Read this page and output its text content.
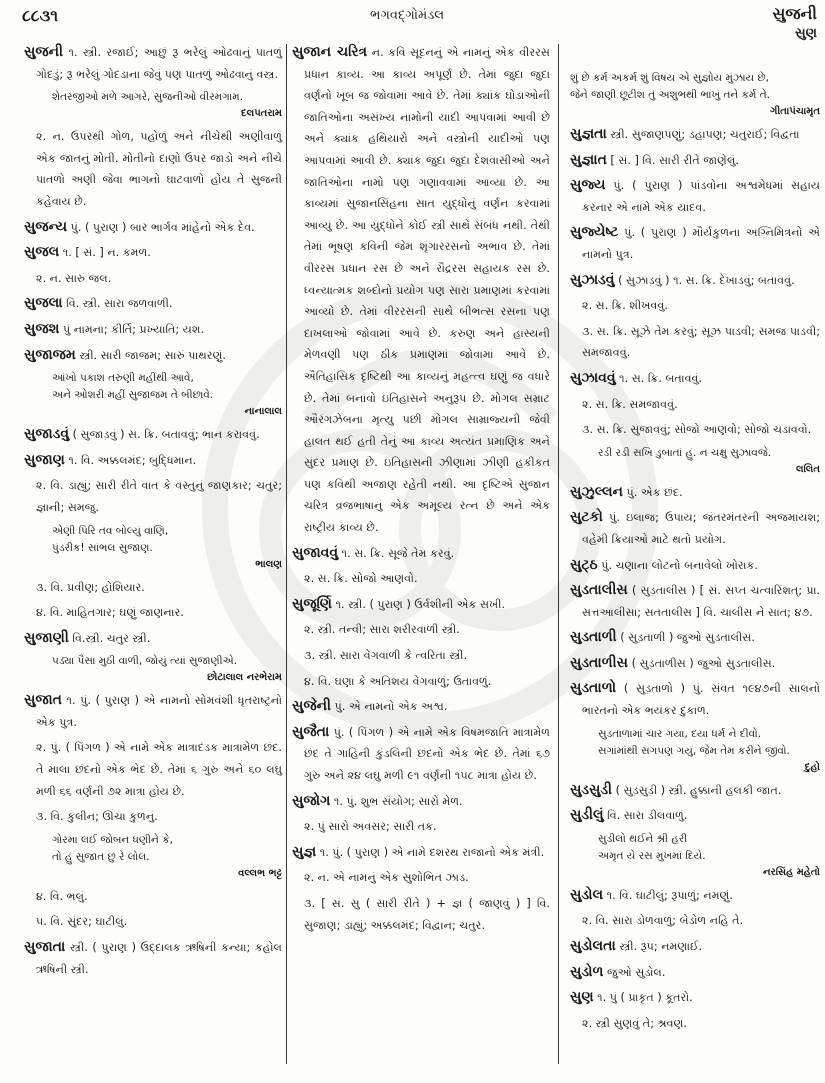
૮૮૩૧	ભગવદ્ગોમંડલ	સુજની
સુણ

સુજની ૧. સ્ત્રી. રજાઈ; આછું રૂ ભરેલું ઓઢવાનું પાતળું ગોદડું; રૂ ભરેલું ગોદડાના જેવું પણ પાતળું ઓઢવાનું વસ્ત્ર.

શેતરંજીઓ મળે આગરે, સુજનીઓ વીરમગામ.

દલપતરામ

૨. ન. ઉપરથી ગોળ, પહોળું અને નીચેથી અણીવાળું એક જાતનું મોતી. મોતીનો દાણો ઉપર જાડો અને નીચે પાતળો અણી જેવા ભાગનો ઘાટવાળો હોય તે સુજની કહેવાય છે.

સુજન્ય પું. ( પુરાણ ) બાર ભાર્ગવ માંહેનો એક દેવ.

સુજલ ૧. [ સં. ] ન. કમળ.

૨. ન. સારું જલ.

સુજલા વિ. સ્ત્રી. સારા જળવાળી.

સુજશ પું નામના; કીર્તિ; પ્રખ્યાતિ; યશ.

સુજાજમ સ્ત્રી. સારી જાજમ; સારું પાથરણું.

આંખો પકાશ તરુણી મહીંથી આવે,

અને ઓશરી મહીં સુજાજમ તે બીછાવે.

નાનાલાલ

સુજાડવું ( સુજાડ઼વું ) સ. ક્રિ. બતાવવું; ભાન કરાવવું.

સુજાણ ૧. વિ. અક્કલમંદ; બુદ્ધિમાન.

૨. વિ. ડાહ્યું; સારી રીતે વાત કે વસ્તુનું જાણકાર; ચતુર; જ્ઞાની; સમજુ.

એણી પિરિ તવ બોલ્યું વાણિ,

પુંડરીક! સાંભલ સુજાણ.

ભાલણ

૩. વિ. પ્રવીણ; હોશિયાર.

૪. વિ. માહિતગાર; ઘણું જાણનાર.

સુજાણી વિ.સ્ત્રી. ચતુર સ્ત્રી.

પડ્યા પૈસા મુઠી વાળી, જોયું ત્યાં સુજાણીએ.

છોટાલાલ નરભેરામ

સુજાત ૧. પું. ( પુરાણ ) એ નામનો સોમવંશી ધૃતરાષ્ટ્રનો એક પુત્ર.

૨. પું. ( પિંગળ ) એ નામે એક માત્રાદંડક માત્રામેળ છંદ. તે માલા છંદનો એક ભેદ છે. તેમાં ૬ ગુરુ અને ૬૦ લઘુ મળી ૬૬ વર્ણની ૭૨ માત્રા હોય છે.

૩. વિ. કુલીન; ઊંચા કુળનું.

ગોરમા લઈ જોબન ધણીને કે,

તો હું સુજાત છું રે લોલ.

વલ્લભ ભટ્ટ

૪. વિ. ભલું.

૫. વિ. સુંદર; ઘાટીલું.

સુજાતા સ્ત્રી. ( પુરાણ ) ઉદ્દાલક ઋષિની કન્યા; કહોલ ઋષિની સ્ત્રી.

સુજાન ચરિત્ર ન. કવિ સૂદનનું એ નામનું એક વીરરસ પ્રધાન કાવ્ય. આ કાવ્ય અપૂર્ણ છે. તેમાં જુદા જુદા વર્ણનો ખૂબ જ જોવામાં આવે છે. તેમાં ક્યાંક ઘોડાઓની જાતિઓના અસંખ્ય નામોની યાદી આપવામાં આવી છે અને ક્યાંક હથિયારો અને વસ્ત્રોની યાદીઓ પણ આપવામાં આવી છે. ક્યાંક જુદા જુદા દેશવાસીઓ અને જાતિઓના નામો પણ ગણાવવામાં આવ્યા છે. આ કાવ્યમાં સુજાનસિંહના સાત યુદ્ધોનું વર્ણન કરવામાં આવ્યું છે. આ યુદ્ધોને કોઈ સ્ત્રી સાથે સંબંધ નથી. તેથી તેમાં ભૂષણ કવિની જેમ શૃંગારરસનો અભાવ છે. તેમાં વીરરસ પ્રધાન રસ છે અને રૌદ્રરસ સહાયક રસ છે. ધ્વન્યાત્મક શબ્દોનો પ્રયોગ પણ સારા પ્રમાણમાં કરવામાં આવ્યો છે. તેમાં વીરરસની સાથે બીભત્સ રસના પણ દાખલાઓ જોવામાં આવે છે. કરુણ અને હાસ્યની મેળવણી પણ ઠીક પ્રમાણમાં જોવામાં આવે છે. ઐતિહાસિક દૃષ્ટિથી આ કાવ્યનું મહત્ત્વ ઘણું જ વધારે છે. તેમાં બનાવો ઇતિહાસને અનુરૂપ છે. મોગલ સમ્રાટ ઔરંગઝેબના મૃત્યુ પછી મોગલ સામ્રાજ્યની જેવી હાલત થઈ હતી તેનું આ કાવ્ય અત્યંત પ્રમાણિક અને સુંદર પ્રમાણ છે. ઇતિહાસની ઝીણામાં ઝીણી હકીકત પણ કવિથી અજાણ રહેતી નથી. આ દૃષ્ટિએ સુજાન ચરિત્ર વ્રજભાષાનું એક અમૂલ્ય રત્ન છે અને એક રાષ્ટ્રીય કાવ્ય છે.

સુજાવવું ૧. સ. ક્રિ. સૂજે તેમ કરવું.

૨. સ. ક્રિ. સોજો આણવો.

સુજૂર્ણિ ૧. સ્ત્રી. ( પુરાણ ) ઉર્વશીની એક સખી.

૨. સ્ત્રી. તન્વી; સારા શરીરવાળી સ્ત્રી.

૩. સ્ત્રી. સારા વેગવાળી કે ત્વરિતા સ્ત્રી.

૪. વિ. ઘણા કે અતિશય વેગવાળું; ઉતાવળું.

સુજેની પું. એ નામનો એક અશ્વ.

સુજૈતા પું. ( પિંગળ ) એ નામે એક વિષમજાતિ માત્રામેળ છંદ તે ગાહિની કુંડલિની છંદનો એક ભેદ છે. તેમાં ૬૭ ગુરુ અને ૨૪ લઘુ મળી ૯૧ વર્ણની ૧૫૮ માત્રા હોય છે.

સુજોગ ૧. પું. શુભ સંયોગ; સારો મેળ.

૨. પું સારો અવસર; સારી તક.

સુજ્ઞ ૧. પું. ( પુરાણ ) એ નામે દશરથ રાજાનો એક મંત્રી.

૨. ન. એ નામનું એક સુશોભિત ઝાડ.

૩. [ સં. સુ ( સારી રીતે ) + જ્ઞ ( જાણવું ) ] વિ. સુજાણ; ડાહ્યું; અક્કલમંદ; વિદ્વાન; ચતુર.

શું છે કર્મ અકર્મ શું વિષય એ સુજ્ઞોય મુંઝાય છે,

જેને જાણી છૂટીશ તું અશુભથી ભાખું તને કર્મ તે.

ગીતાપંચામૃત

સુજ્ઞતા સ્ત્રી. સુજાણપણું; ડહાપણ; ચતુરાઈ; વિદ્વતા

સુજ્ઞાત [ સં. ] વિ. સારી રીતે જાણેલું.

સુજ્ય પું. ( પુરાણ ) પાંડવોના અશ્વમેધમાં સહાય કરનાર એ નામે એક યાદવ.

સુજ્યેષ્ટ પું. ( પુરાણ ) મૌર્યકુળના અગ્નિમિત્રનો એ નામનો પુત્ર.

સુઝાડવું ( સુઝાડ઼વું ) ૧. સ. ક્રિ. દેખાડવું; બતાવવું.

૨. સ. ક્રિ. શીખવવું.

૩. સ. ક્રિ. સૂઝે તેમ કરવું; સૂઝ પાડવી; સમજ પાડવી; સમજાવવું.

સુઝાવવું ૧. સ. ક્રિ. બતાવવું.

૨. સ. ક્રિ. સમજાવવું.

૩. સ. ક્રિ. સુજાવવું; સોજો આણવો; સોજો ચડાવવો.

રડી રડી સખિ ડુબાતાં હું. ન ચક્ષુ સુઝાવજે.

લલિત

સુઝુલ્લન પું. એક છંદ.

સુટકો પું. ઇલાજ; ઉપાય; જંતરમંતરની અજમાયશ; વહેમી ક્રિયાઓ માટે થતો પ્રયોગ.

સુટ્ઠ પું. ચણાના લોટનો બનાવેલો ખોરાક.

સુડતાલીસ ( સુડ઼તાલીસ ) [ સં. સપ્ત ચત્વારિંશત્; પ્રા. સત્તઆલીસા; સતતાલીસ ] વિ. ચાલીસ ને સાત; ૪૭.

સુડતાળી ( સુડ઼તાળી ) જુઓ સુડતાલીસ.

સુડતાળીસ ( સુડ઼તાળીસ ) જુઓ સુડતાલીસ.

સુડતાળો ( સુડ઼તાળો ) પું. સંવત ૧૯૪૭ની સાલનો ભારતનો એક ભયંકર દુકાળ.

સુડતાળામાં ચાર ગયા, દયા ધર્મ ને દીવો.

સગાંમાંથી સગપણ ગયું, જેમ તેમ કરીને જીવો.

દુહો

સુડસુડી ( સુડ઼સુડ઼ી ) સ્ત્રી. હુક્કાની હલકી જાત.

સુડીલું વિ. સારા ડીલવાળું.

સુડીલો થઈને શ્રી હરી

અમૃત યે રસ મુખમાં દિયે.

નરસિંહ મહેતો

સુડોલ ૧. વિ. ઘાટીલું; રૂપાળું; નમણું.

૨. વિ. સારા ડોળવાળું; બેડોળ નહિ તે.

સુડોલતા સ્ત્રી. રૂપ; નમણાઈ.

સુડોળ જુઓ સુડોલ.

સુણ ૧. પું ( પ્રાકૃત ) કૂતરો.

૨. સ્ત્રી સુણવું તે; શ્રવણ.
